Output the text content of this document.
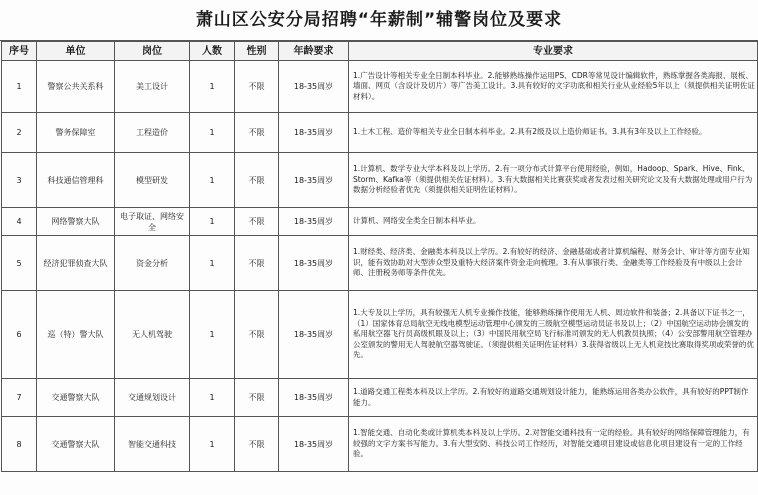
萧山区公安分局招聘“年薪制”辅警岗位及要求
序号	单位	岗位	人数	性别	年龄要求	专业要求
1	警察公共关系科	美工设计	1	不限	18-35周岁	1.广告设计等相关专业全日制本科毕业。2.能够熟练操作运用PS、CDR等常见设计编辑软件，熟练掌握各类海报、展板、墙面、网页（含设计及切片）等广告美工设计。3.具有较好的文字功底和相关行业从业经验5年以上（须提供相关证明佐证材料）。
2	警务保障室	工程造价	1	不限	18-35周岁	1.土木工程、造价等相关专业全日制本科毕业。2.具有2级及以上造价师证书。3.具有3年及以上工作经验。
3	科技通信管理科	模型研发	1	不限	18-35周岁	1.计算机、数学专业大学本科及以上学历。2.有一项分布式计算平台使用经验，例如，Hadoop、Spark、Hive、Fink、Storm、Kafka等（须提供相关佐证材料）。3.有大数据相关比赛获奖或者发表过相关研究论文及有大数据处理或用户行为数据分析经验者优先（须提供相关证明佐证材料）。
4	网络警察大队	电子取证、网络安全	1	不限	18-35周岁	计算机、网络安全类全日制本科毕业。
5	经济犯罪侦查大队	资金分析	1	不限	18-35周岁	1.财经类、经济类、金融类本科及以上学历。2.有较好的经济、金融基础或者计算机编程、财务会计、审计等方面专业知识，能有效协助对大型涉众型及重特大经济案件资金走向梳理。3.有从事银行类、金融类等工作经验及有中级以上会计师、注册税务师等条件优先。
6	巡（特）警大队	无人机驾驶	1	不限	18-35周岁	1.大专及以上学历，具有较强无人机专业操作技能，能够熟练操作使用无人机、周边软件和装备；2.具备以下证书之一，（1）国家体育总局航空无线电模型运动管理中心颁发的三级航空模型运动员证书及以上；（2）中国航空运动协会颁发的私用航空器飞行员高级机眼及以上；（3）中国民用航空局飞行标准司颁发的无人机教员执照；（4）公安部警用航空管理办公室颁发的警用无人驾驶航空器驾驶证。（须提供相关证明佐证材料）3.获得省级以上无人机竞技比赛取得奖项或荣誉的优先。
7	交通警察大队	交通规划设计	1	不限	18-35周岁	1.道路交通工程类本科及以上学历。2.有较好的道路交通规划设计能力，能熟练运用各类办公软件，具有较好的PPT制作能力。
8	交通警察大队	智能交通科技	1	不限	18-35周岁	1.智能交通、自动化类或计算机类本科及以上学历。2.对智能交通科技有一定的经验。具有较好的网络保障管理能力，有较强的文字方案书写能力。3.有大型安防、科技公司工作经历，对智能交通项目建设或信息化项目建设有一定的工作经验。
